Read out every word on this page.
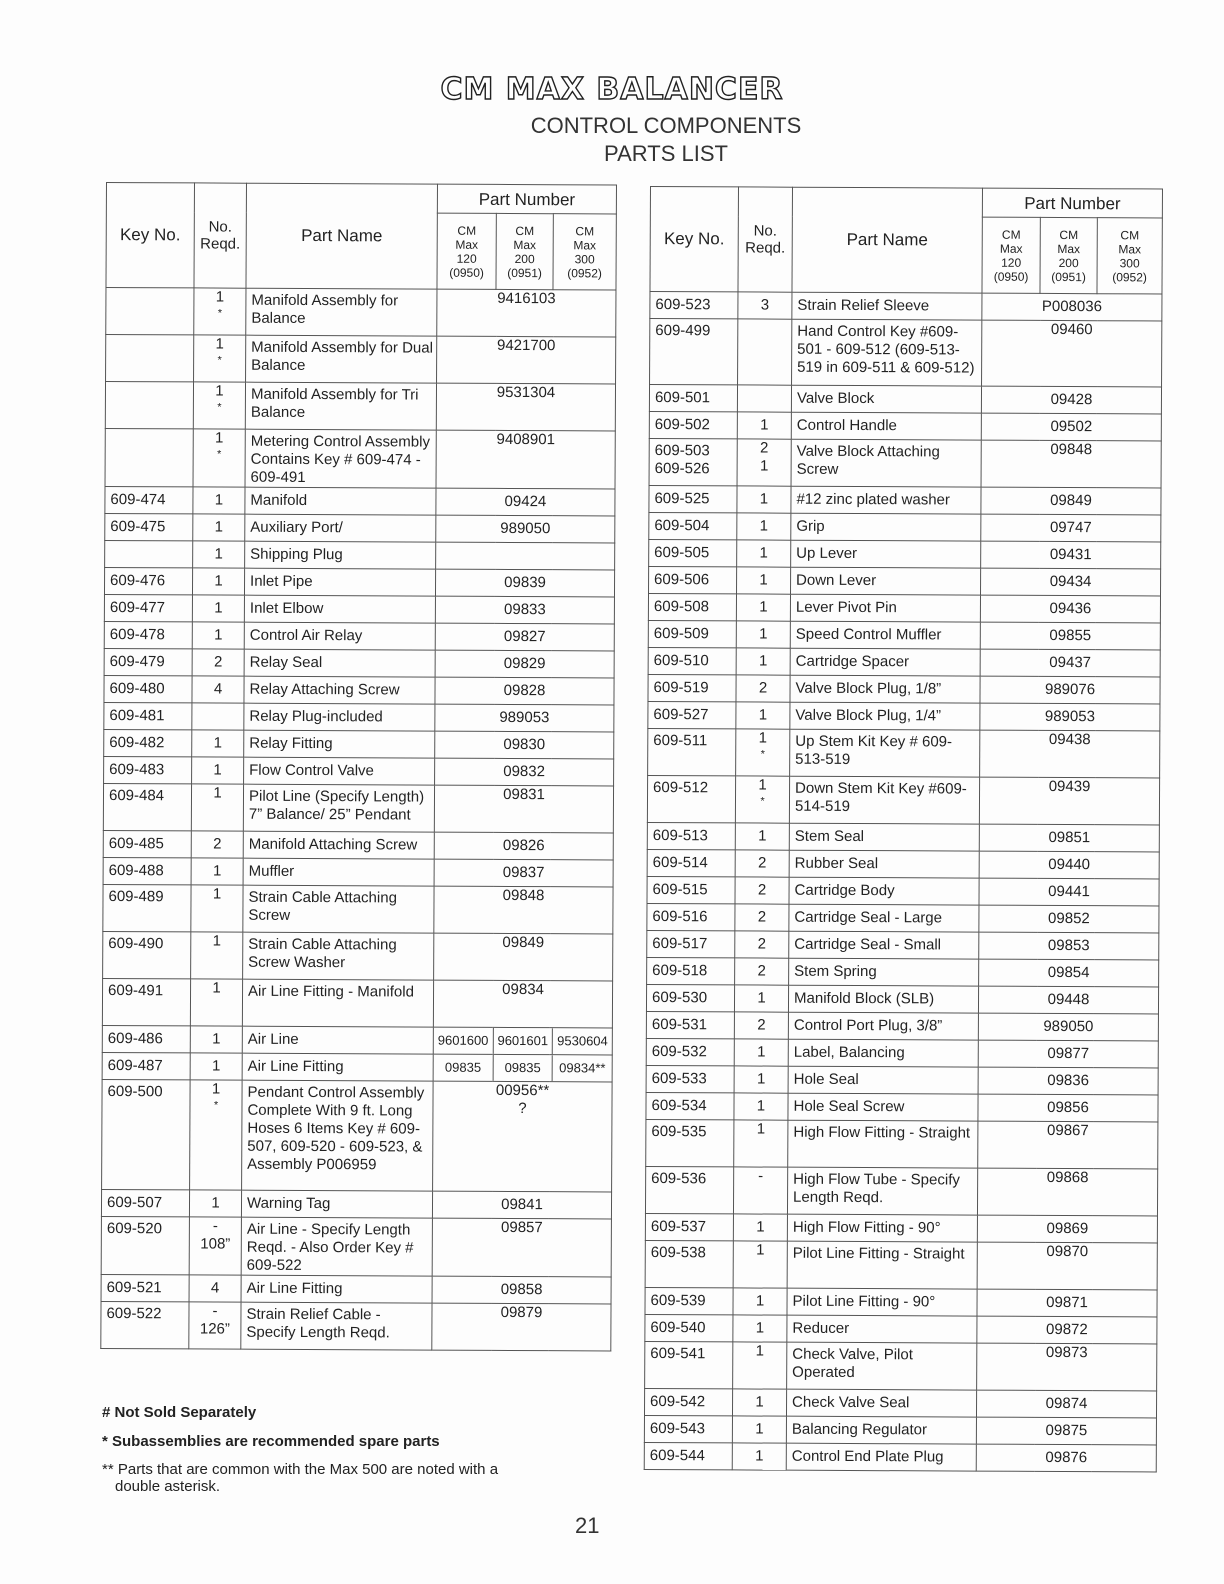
CM MAX BALANCER
CONTROL COMPONENTS
PARTS LIST
Key No.	No.
Reqd.	Part Name	Part Number		
			CM
Max
120
(0950)	CM
Max
200
(0951)	CM
Max
300
(0952)
	1
*	Manifold Assembly for Balance	9416103		
	1
*	Manifold Assembly for Dual Balance	9421700		
	1
*	Manifold Assembly for Tri Balance	9531304		
	1
*	Metering Control Assembly Contains Key # 609-474 - 609-491	9408901		
609-474	1	Manifold	09424		
609-475	1	Auxiliary Port/	989050		
	1	Shipping Plug			
609-476	1	Inlet Pipe	09839		
609-477	1	Inlet Elbow	09833		
609-478	1	Control Air Relay	09827		
609-479	2	Relay Seal	09829		
609-480	4	Relay Attaching Screw	09828		
609-481		Relay Plug-included	989053		
609-482	1	Relay Fitting	09830		
609-483	1	Flow Control Valve	09832		
609-484	1	Pilot Line (Specify Length) 7” Balance/ 25” Pendant	09831		
609-485	2	Manifold Attaching Screw	09826		
609-488	1	Muffler	09837		
609-489	1	Strain Cable Attaching Screw	09848		
609-490	1	Strain Cable Attaching Screw Washer	09849		
609-491	1	Air Line Fitting - Manifold	09834		
609-486	1	Air Line	9601600 9601601 9530604		

609-487	1	Air Line Fitting	09835 09835 09834**		

609-500	1
*	Pendant Control Assembly Complete With 9 ft. Long Hoses 6 Items Key # 609-507, 609-520 - 609-523, & Assembly P006959	00956**
?		
609-507	1	Warning Tag	09841		
609-520	-
108”	Air Line - Specify Length Reqd. - Also Order Key # 609-522	09857		
609-521	4	Air Line Fitting	09858		
609-522	-
126”	Strain Relief Cable - Specify Length Reqd.	09879		
Key No.	No.
Reqd.	Part Name	Part Number		
			CM
Max
120
(0950)	CM
Max
200
(0951)	CM
Max
300
(0952)
609-523	3	Strain Relief Sleeve	P008036		
609-499		Hand Control Key #609-501 - 609-512 (609-513-519 in 609-511 & 609-512)	09460		
609-501		Valve Block	09428		
609-502	1	Control Handle	09502		
609-503
609-526	2
1	Valve Block Attaching Screw	09848		
609-525	1	#12 zinc plated washer	09849		
609-504	1	Grip	09747		
609-505	1	Up Lever	09431		
609-506	1	Down Lever	09434		
609-508	1	Lever Pivot Pin	09436		
609-509	1	Speed Control Muffler	09855		
609-510	1	Cartridge Spacer	09437		
609-519	2	Valve Block Plug, 1/8”	989076		
609-527	1	Valve Block Plug, 1/4”	989053		
609-511	1
*	Up Stem Kit Key # 609-513-519	09438		
609-512	1
*	Down Stem Kit Key #609-514-519	09439		
609-513	1	Stem Seal	09851		
609-514	2	Rubber Seal	09440		
609-515	2	Cartridge Body	09441		
609-516	2	Cartridge Seal - Large	09852		
609-517	2	Cartridge Seal - Small	09853		
609-518	2	Stem Spring	09854		
609-530	1	Manifold Block (SLB)	09448		
609-531	2	Control Port Plug, 3/8”	989050		
609-532	1	Label, Balancing	09877		
609-533	1	Hole Seal	09836		
609-534	1	Hole Seal Screw	09856		
609-535	1	High Flow Fitting - Straight	09867		
609-536	-	High Flow Tube - Specify Length Reqd.	09868		
609-537	1	High Flow Fitting - 90°	09869		
609-538	1	Pilot Line Fitting - Straight	09870		
609-539	1	Pilot Line Fitting - 90°	09871		
609-540	1	Reducer	09872		
609-541	1	Check Valve, Pilot Operated	09873		
609-542	1	Check Valve Seal	09874		
609-543	1	Balancing Regulator	09875		
609-544	1	Control End Plate Plug	09876		
# Not Sold Separately
* Subassemblies are recommended spare parts
** Parts that are common with the Max 500 are noted with a
double asterisk.
21
